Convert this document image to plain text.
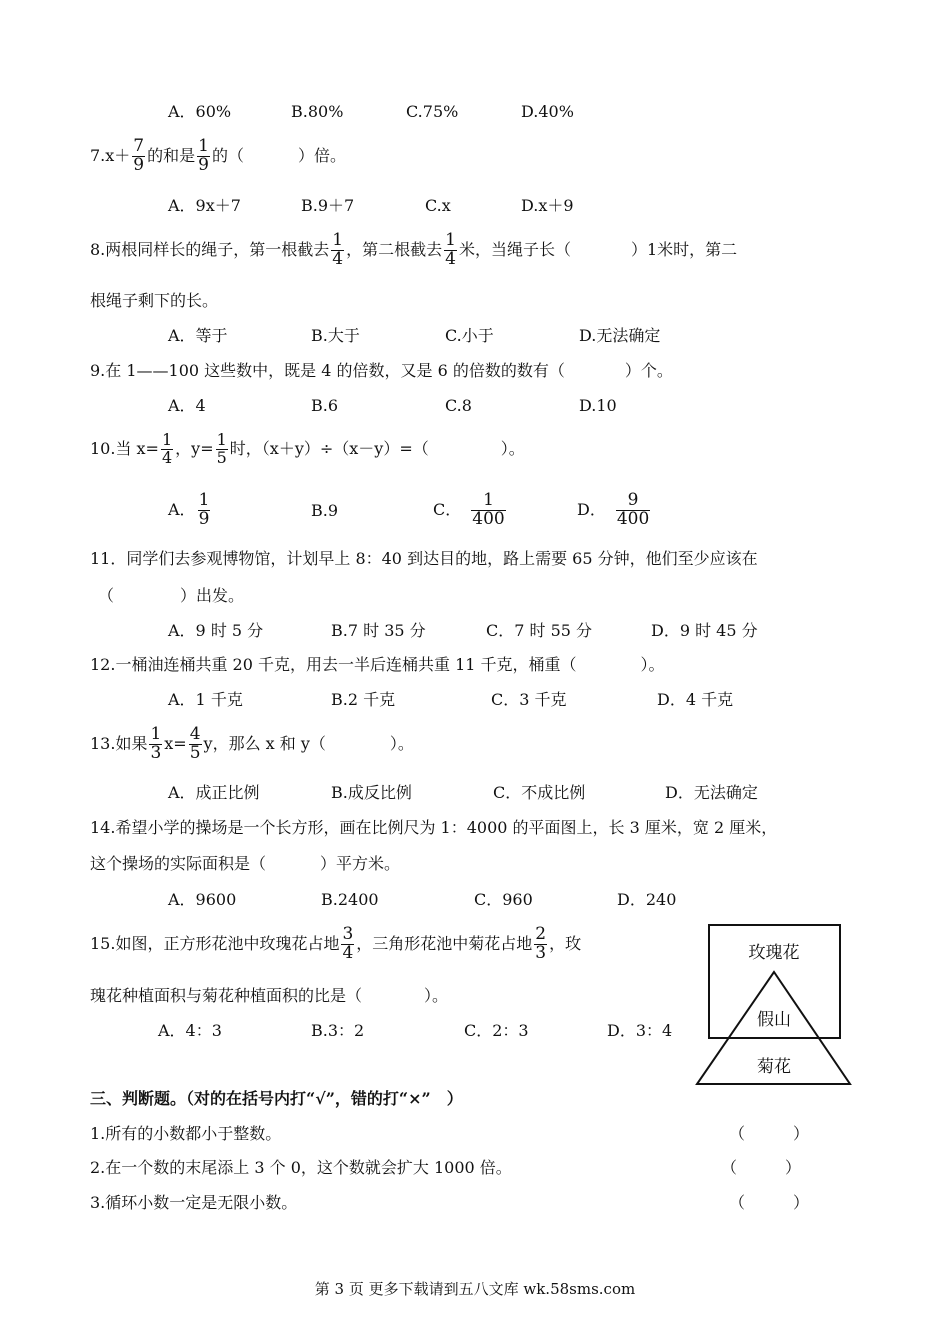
A．60%	B.80%	C.75%	D.40%
$7.x+ \frac{7}{9}$ 的和是 $\frac{1}{9}$ 的（	）倍。
A．9x＋7	B.9＋7	C.x	D.x＋9
8.两根同样长的绳子，第一根截去 $\frac{1}{4}$ ，第二根截去 $\frac{1}{4}$ 米，当绳子长（	）1米时，第二
根绳子剩下的长。
A．等于	B.大于	C.小于	D.无法确定
9.在 1——100 这些数中，既是 4 的倍数，又是 6 的倍数的数有（	）个。
A．4	B.6	C.8	D.10
10.当 $x= \frac{1}{4}$ ，$y= \frac{1}{5}$ 时，（x＋y）÷（x－y）=（	）。
A． $\frac{1}{9}$	B.9	C． $\frac{1}{400}$	D． $\frac{9}{400}$
11．同学们去参观博物馆，计划早上 8：40 到达目的地，路上需要 65 分钟，他们至少应该在
（	）出发。
A．9 时 5 分	B.7 时 35 分	C．7 时 55 分	D．9 时 45 分
12.一桶油连桶共重 20 千克，用去一半后连桶共重 11 千克，桶重（	）。
A．1 千克	B.2 千克	C．3 千克	D．4 千克
13.如果 $\frac{1}{3} x= \frac{4}{5}$ y，那么 x 和 y（	）。
A．成正比例	B.成反比例	C．不成比例	D．无法确定
14.希望小学的操场是一个长方形，画在比例尺为 1：4000 的平面图上，长 3 厘米，宽 2 厘米，
这个操场的实际面积是（	）平方米。
A．9600	B.2400	C．960	D．240
15.如图，正方形花池中玫瑰花占地 $\frac{3}{4}$ ，三角形花池中菊花占地 $\frac{2}{3}$ ，玫
瑰花种植面积与菊花种植面积的比是（	）。
A．4：3	B.3：2	C．2：3	D．3：4
玫瑰花
假山
菊花
三、判断题。（对的在括号内打“√”，错的打“×”　）
1.所有的小数都小于整数。	（　　　）
2.在一个数的末尾添上 3 个 0，这个数就会扩大 1000 倍。	（　　　）
3.循环小数一定是无限小数。	（　　　）
第 3 页 更多下载请到五八文库 wk.58sms.com
